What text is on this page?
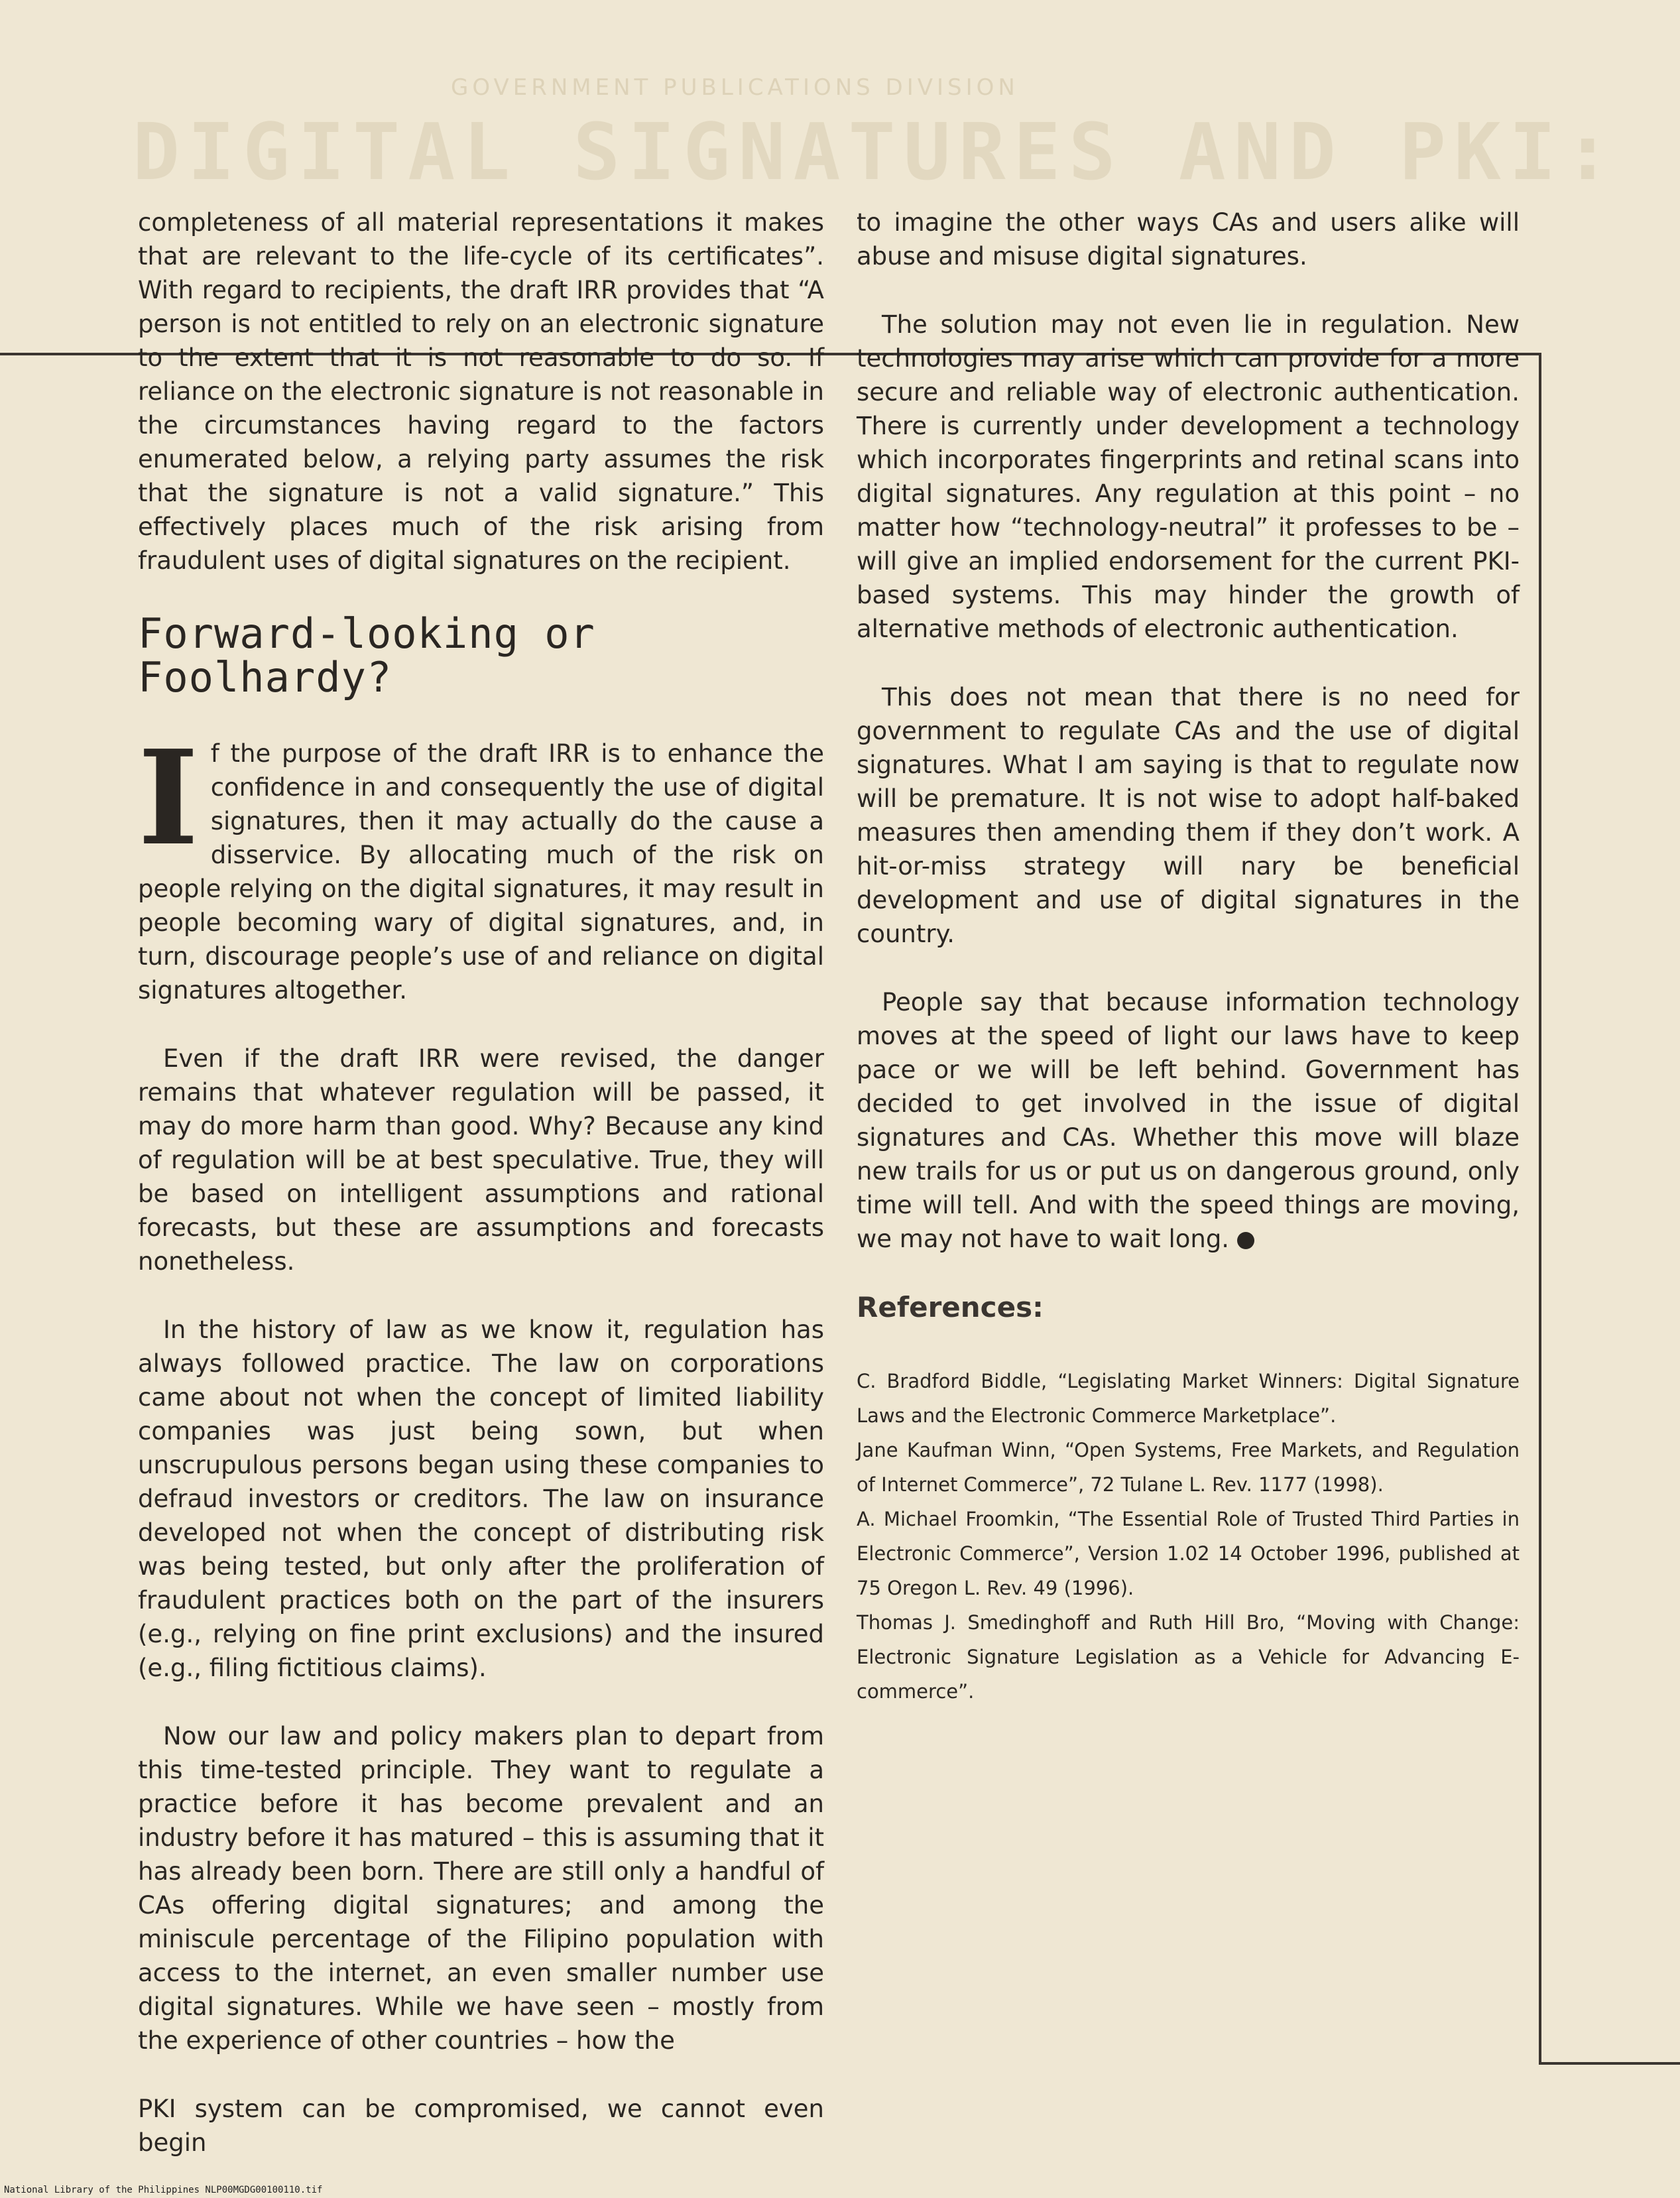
DIGITAL SIGNATURES AND PKI:
GOVERNMENT PUBLICATIONS DIVISION

completeness of all material representations it makes that are relevant to the life-cycle of its certificates”. With regard to recipients, the draft IRR provides that “A person is not entitled to rely on an electronic signature to the extent that it is not reasonable to do so. If reliance on the electronic signature is not reasonable in the circumstances having regard to the factors enumerated below, a relying party assumes the risk that the signature is not a valid signature.” This effectively places much of the risk arising from fraudulent uses of digital signatures on the recipient.

Forward-looking or
Foolhardy?

If the purpose of the draft IRR is to enhance the confidence in and consequently the use of digital signatures, then it may actually do the cause a disservice. By allocating much of the risk on people relying on the digital signatures, it may result in people becoming wary of digital signatures, and, in turn, discourage people’s use of and reliance on digital signatures altogether.

Even if the draft IRR were revised, the danger remains that whatever regulation will be passed, it may do more harm than good. Why? Because any kind of regulation will be at best speculative. True, they will be based on intelligent assumptions and rational forecasts, but these are assumptions and forecasts nonetheless.

In the history of law as we know it, regulation has always followed practice. The law on corporations came about not when the concept of limited liability companies was just being sown, but when unscrupulous persons began using these companies to defraud investors or creditors. The law on insurance developed not when the concept of distributing risk was being tested, but only after the proliferation of fraudulent practices both on the part of the insurers (e.g., relying on fine print exclusions) and the insured (e.g., filing fictitious claims).

Now our law and policy makers plan to depart from this time-tested principle. They want to regulate a practice before it has become prevalent and an industry before it has matured – this is assuming that it has already been born. There are still only a handful of CAs offering digital signatures; and among the miniscule percentage of the Filipino population with access to the internet, an even smaller number use digital signatures. While we have seen – mostly from the experience of other countries – how the

PKI system can be compromised, we cannot even begin

to imagine the other ways CAs and users alike will abuse and misuse digital signatures.

The solution may not even lie in regulation. New technologies may arise which can provide for a more secure and reliable way of electronic authentication. There is currently under development a technology which incorporates fingerprints and retinal scans into digital signatures. Any regulation at this point – no matter how “technology-neutral” it professes to be – will give an implied endorsement for the current PKI-based systems. This may hinder the growth of alternative methods of electronic authentication.

This does not mean that there is no need for government to regulate CAs and the use of digital signatures. What I am saying is that to regulate now will be premature. It is not wise to adopt half-baked measures then amending them if they don’t work. A hit-or-miss strategy will nary be beneficial development and use of digital signatures in the country.

People say that because information technology moves at the speed of light our laws have to keep pace or we will be left behind. Government has decided to get involved in the issue of digital signatures and CAs. Whether this move will blaze new trails for us or put us on dangerous ground, only time will tell. And with the speed things are moving, we may not have to wait long. a

References:

C. Bradford Biddle, “Legislating Market Winners: Digital Signature Laws and the Electronic Commerce Marketplace”.

Jane Kaufman Winn, “Open Systems, Free Markets, and Regulation of Internet Commerce”, 72 Tulane L. Rev. 1177 (1998).

A. Michael Froomkin, “The Essential Role of Trusted Third Parties in Electronic Commerce”, Version 1.02 14 October 1996, published at 75 Oregon L. Rev. 49 (1996).

Thomas J. Smedinghoff and Ruth Hill Bro, “Moving with Change: Electronic Signature Legislation as a Vehicle for Advancing E-commerce”.

National Library of the Philippines NLP00MGDG00100110.tif
